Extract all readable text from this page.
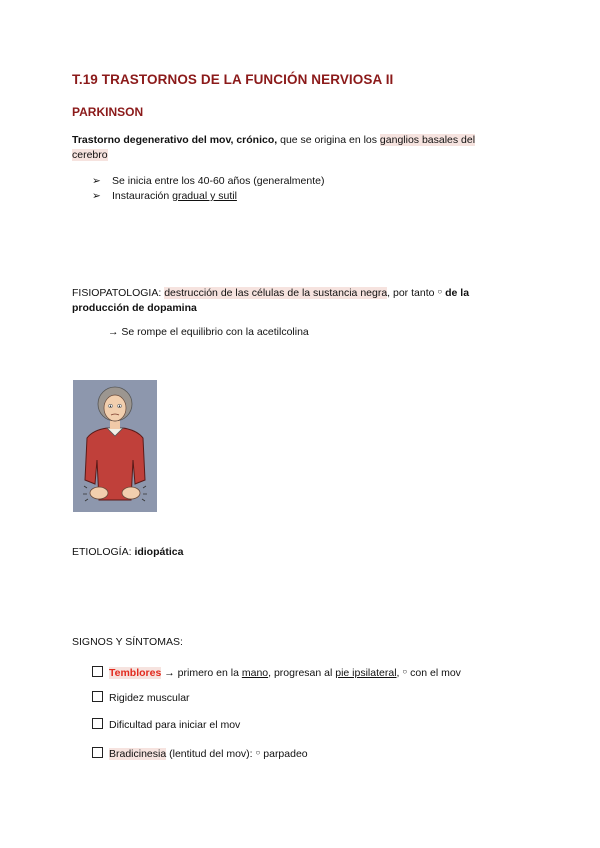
T.19 TRASTORNOS DE LA FUNCIÓN NERVIOSA II
PARKINSON
Trastorno degenerativo del mov, crónico, que se origina en los ganglios basales del cerebro
➢ Se inicia entre los 40-60 años (generalmente)
➢ Instauración gradual y sutil
FISIOPATOLOGIA: destrucción de las células de la sustancia negra, por tanto ○ de la
producción de dopamina
→ Se rompe el equilibrio con la acetilcolina
ETIOLOGÍA: idiopática
SIGNOS Y SÍNTOMAS:
Temblores → primero en la mano, progresan al pie ipsilateral, ○ con el mov
Rigidez muscular
Dificultad para iniciar el mov
Bradicinesia (lentitud del mov): ○ parpadeo
